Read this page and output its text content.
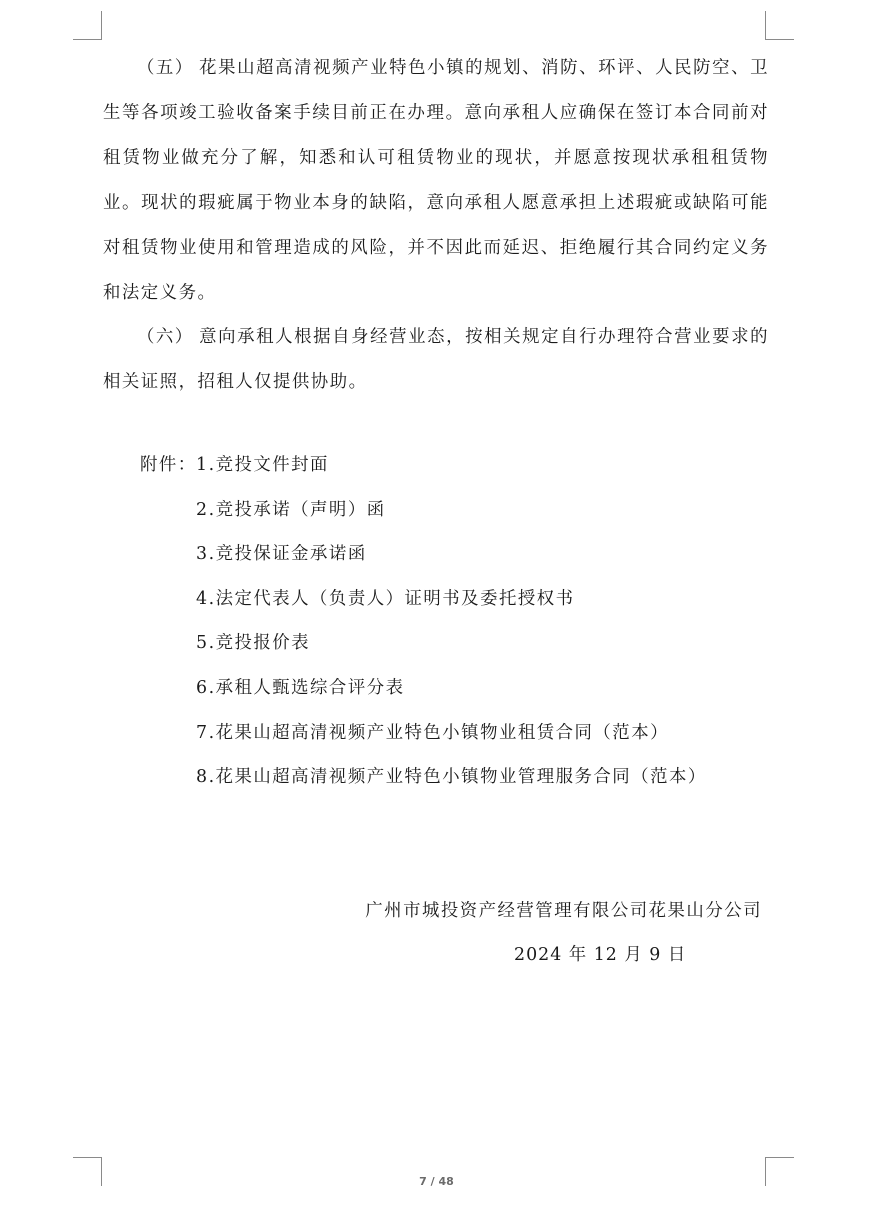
（五） 花果山超高清视频产业特色小镇的规划、消防、环评、人民防空、卫生等各项竣工验收备案手续目前正在办理。意向承租人应确保在签订本合同前对租赁物业做充分了解，知悉和认可租赁物业的现状，并愿意按现状承租租赁物业。现状的瑕疵属于物业本身的缺陷，意向承租人愿意承担上述瑕疵或缺陷可能对租赁物业使用和管理造成的风险，并不因此而延迟、拒绝履行其合同约定义务和法定义务。

（六） 意向承租人根据自身经营业态，按相关规定自行办理符合营业要求的相关证照，招租人仅提供协助。

附件： 1.竞投文件封面
2.竞投承诺（声明）函
3.竞投保证金承诺函
4.法定代表人（负责人）证明书及委托授权书
5.竞投报价表
6.承租人甄选综合评分表
7.花果山超高清视频产业特色小镇物业租赁合同（范本）
8.花果山超高清视频产业特色小镇物业管理服务合同（范本）
广州市城投资产经营管理有限公司花果山分公司
2024 年 12 月 9 日
7 / 48
